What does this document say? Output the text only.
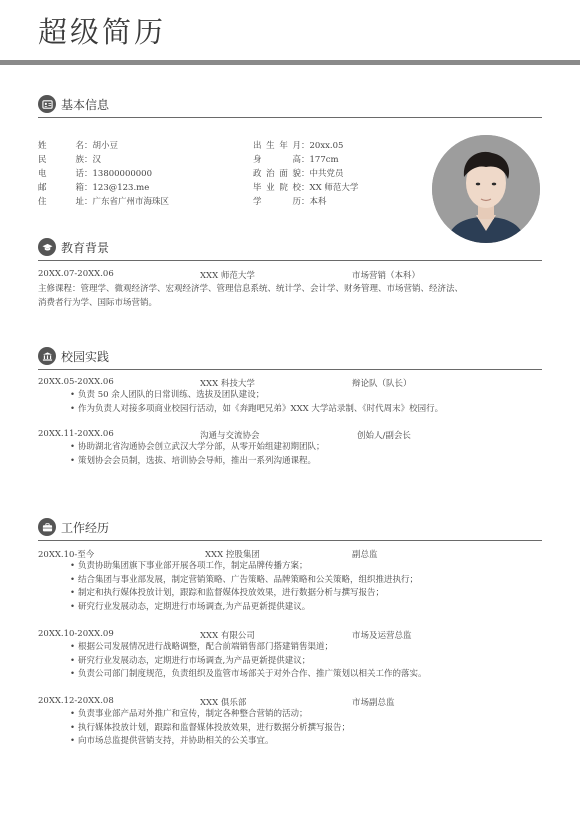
超级简历
基本信息
姓名：胡小豆
民族：汉
电话：13800000000
邮箱：123@123.me
住址：广东省广州市海珠区
出生年月：20xx.05
身高：177cm
政治面貌：中共党员
毕业院校：XX 师范大学
学历：本科
教育背景
20XX.07-20XX.06	XXX 师范大学	市场营销（本科）
主修课程：管理学、微观经济学、宏观经济学、管理信息系统、统计学、会计学、财务管理、市场营销、经济法、
消费者行为学、国际市场营销。
校园实践
20XX.05-20XX.06	XXX 科技大学	辩论队（队长）
• 负责 50 余人团队的日常训练、选拔及团队建设；
• 作为负责人对接多项商业校园行活动，如《奔跑吧兄弟》XXX 大学站录制、《时代周末》校园行。
20XX.11-20XX.06	沟通与交流协会	创始人/副会长
• 协助湖北省沟通协会创立武汉大学分部，从零开始组建初期团队；
• 策划协会会员制，选拔、培训协会导师，推出一系列沟通课程。
工作经历
20XX.10-至今	XXX 控股集团	副总监
• 负责协助集团旗下事业部开展各项工作，制定品牌传播方案；
• 结合集团与事业部发展，制定营销策略、广告策略、品牌策略和公关策略，组织推进执行；
• 制定和执行媒体投放计划，跟踪和监督媒体投放效果，进行数据分析与撰写报告；
• 研究行业发展动态，定期进行市场调查,为产品更新提供建议。
20XX.10-20XX.09	XXX 有限公司	市场及运营总监
• 根据公司发展情况进行战略调整，配合前端销售部门搭建销售渠道；
• 研究行业发展动态，定期进行市场调查,为产品更新提供建议；
• 负责公司部门制度规范，负责组织及监管市场部关于对外合作、推广策划以相关工作的落实。
20XX.12-20XX.08	XXX 俱乐部	市场副总监
• 负责事业部产品对外推广和宣传，制定各种整合营销的活动；
• 执行媒体投放计划，跟踪和监督媒体投放效果，进行数据分析撰写报告；
• 向市场总监提供营销支持，并协助相关的公关事宜。
